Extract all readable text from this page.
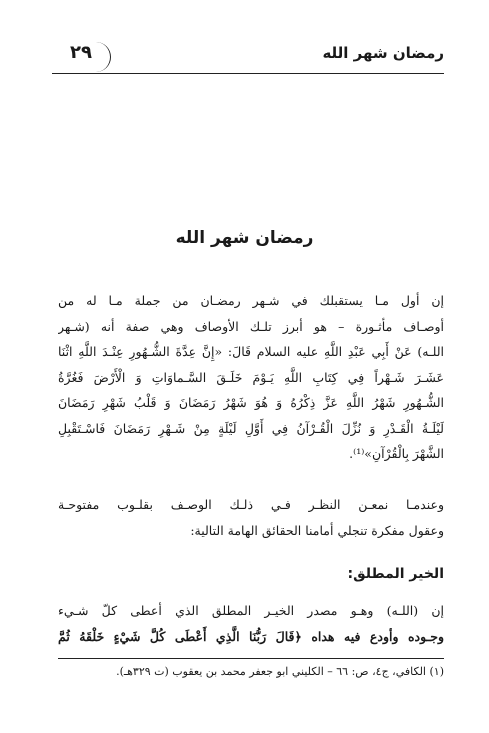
رمضان شهر الله
٢٩
رمضان شهر الله
إن أول مـا يستقبلك في شـهر رمضـان من جملة مـا له من
أوصـاف مأثـورة – هو أبرز تلـك الأوصاف وهي صفة أنه (شـهر
اللـه) عَنْ أَبِي عَبْدِ اللَّهِ عليه السلام قَالَ: «إِنَّ عِدَّةَ الشُّـهُورِ عِنْـدَ اللَّهِ اثْنَا
عَشَـرَ شَـهْراً فِي كِتَابِ اللَّهِ يَـوْمَ خَلَـقَ السَّـماوَاتِ وَ الْأَرْضَ فَغُرَّةُ
الشُّـهُورِ شَهْرُ اللَّهِ عَزَّ ذِكْرُهُ وَ هُوَ شَهْرُ رَمَضَانَ وَ قَلْبُ شَهْرِ رَمَضَانَ
لَيْلَـةُ الْقَـدْرِ وَ نُزِّلَ الْقُـرْآنُ فِي أَوَّلِ لَيْلَةٍ مِنْ شَـهْرِ رَمَضَانَ فَاسْـتَقْبِلِ
الشَّهْرَ بِالْقُرْآنِ»⁽¹⁾.
وعندمـا نمعـن النظـر فـي ذلـك الوصـف بقلـوب مفتوحـة
وعقول مفكرة تنجلي أمامنا الحقائق الهامة التالية:
الخير المطلق:
إن (اللـه) وهـو مصدر الخيـر المطلق الذي أعطى كلّ شـيء
وجـوده وأودع فيه هداه ﴿قَالَ رَبُّنَا الَّذِي أَعْطَى كُلَّ شَيْءٍ خَلْقَهُ ثُمَّ
(١) الكافي، ج٤، ص: ٦٦ – الكليني ابو جعفر محمد بن يعقوب (ت ٣٢٩هـ).
